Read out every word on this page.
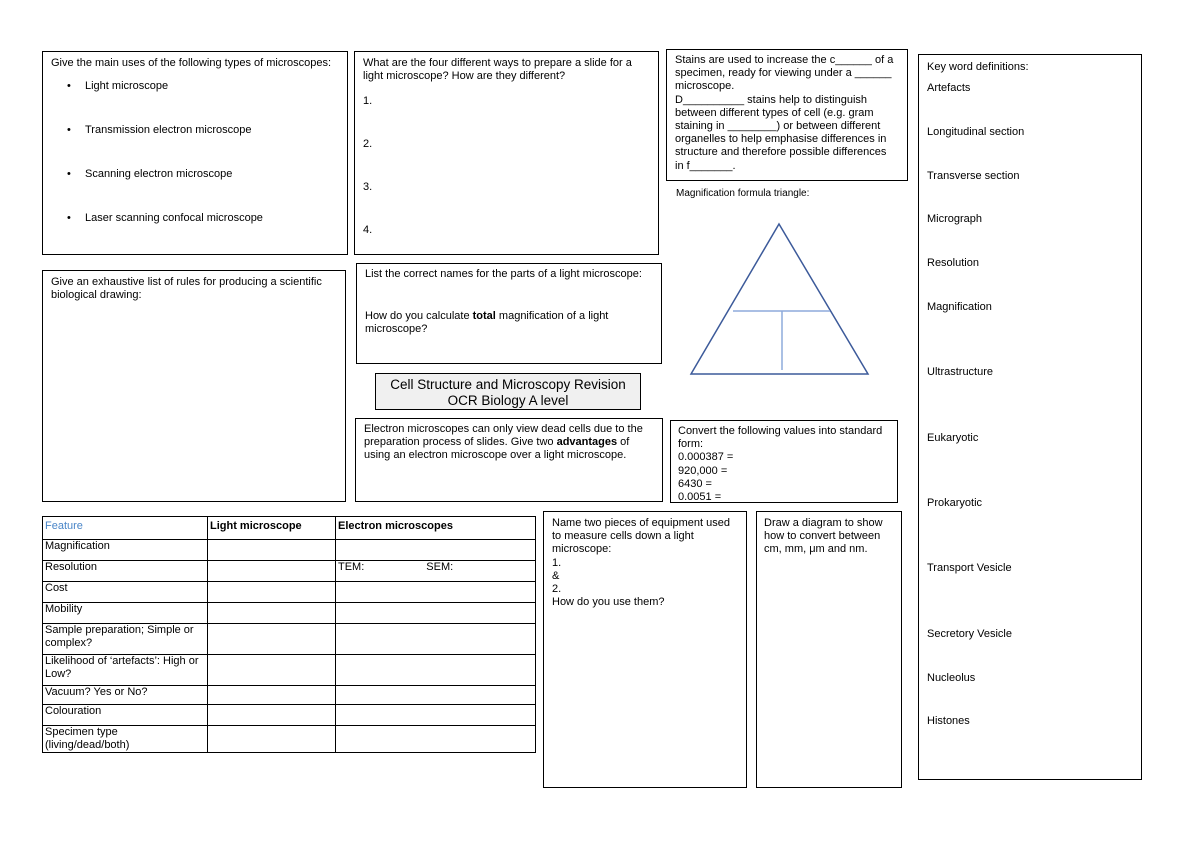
Give the main uses of the following types of microscopes:

• Light microscope
• Transmission electron microscope
• Scanning electron microscope
• Laser scanning confocal microscope

What are the four different ways to prepare a slide for a light microscope? How are they different?

1.

2.

3.

4.

Stains are used to increase the c______ of a

specimen, ready for viewing under a ______

microscope.

D__________ stains help to distinguish

between different types of cell (e.g. gram

staining in ________) or between different

organelles to help emphasise differences in

structure and therefore possible differences

in f_______.

Magnification formula triangle:

Key word definitions:

Artefacts

Longitudinal section

Transverse section

Micrograph

Resolution

Magnification

Ultrastructure

Eukaryotic

Prokaryotic

Transport Vesicle

Secretory Vesicle

Nucleolus

Histones

Give an exhaustive list of rules for producing a scientific biological drawing:

List the correct names for the parts of a light microscope:

How do you calculate total magnification of a light microscope?

Cell Structure and Microscopy Revision
OCR Biology A level

Electron microscopes can only view dead cells due to the preparation process of slides. Give two advantages of using an electron microscope over a light microscope.

Convert the following values into standard form:

0.000387 =

920,000 =

6430 =

0.0051 =

Feature	Light microscope	Electron microscopes
Magnification		
Resolution		TEM: SEM:
Cost		
Mobility		
Sample preparation; Simple or complex?		
Likelihood of ‘artefacts’: High or Low?		
Vacuum? Yes or No?		
Colouration		
Specimen type (living/dead/both)		

Name two pieces of equipment used to measure cells down a light microscope:

1.

&

2.

How do you use them?

Draw a diagram to show how to convert between cm, mm, μm and nm.
